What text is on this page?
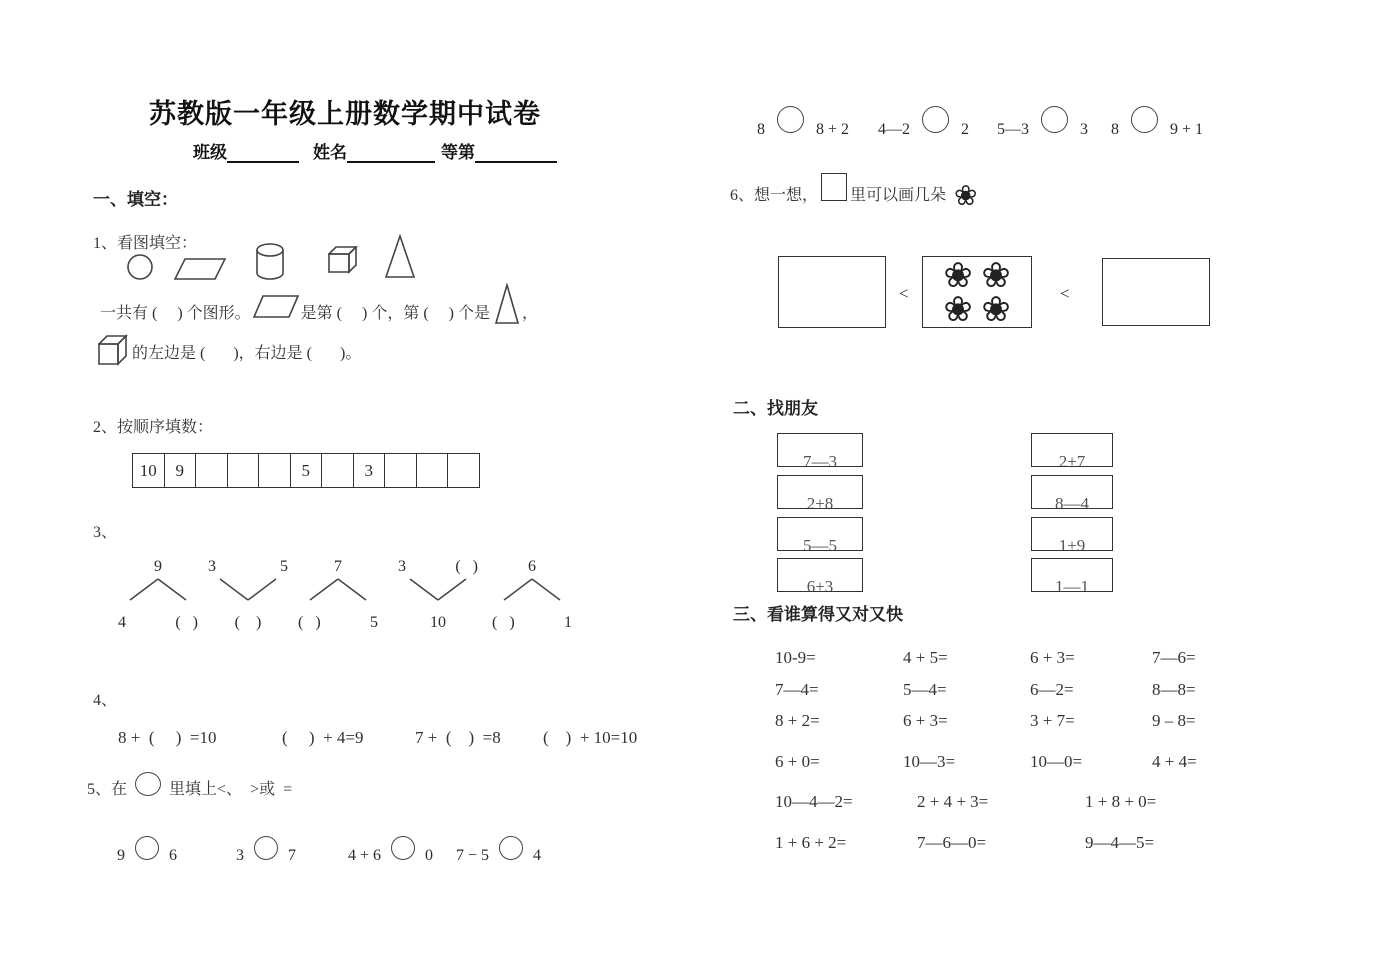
苏教版一年级上册数学期中试卷
班级	姓名	等第
一、填空：
1、看图填空：
一共有 (     ) 个图形。	是第 (     ) 个，第 (     ) 个是 ，
的左边是 (       )，右边是 (       )。
2、按顺序填数：
10	9	5	3
3、
9
4	(   )
3	5
(    )
7
(   )	5
3	(   )
10
6
(   )	1
4、
8 +  (     )  =10	(     )  + 4=9	7 +  (    )  =8 (    )  + 10=10
5、在	里填上<、  >或  =
9	6	3	7	4 + 6	0 7 − 5	4
8	8 + 2 4—2	2 5—3	3 8	9 + 1
6、想一想， 里可以画几朵 ❀
< ❀ ❀
❀ ❀	<
二、找朋友
7—3
2+8
5—5
6+3
2+7
8—4
1+9
1—1
三、看谁算得又对又快
10-9=	4 + 5=	6 + 3=	7—6=
7—4=	5—4=	6—2=	8—8=
8 + 2=	6 + 3=	3 + 7=	9 – 8=
6 + 0=	10—3=	10—0=	4 + 4=
10—4—2=	2 + 4 + 3=	1 + 8 + 0=
1 + 6 + 2=	7—6—0=	9—4—5=
